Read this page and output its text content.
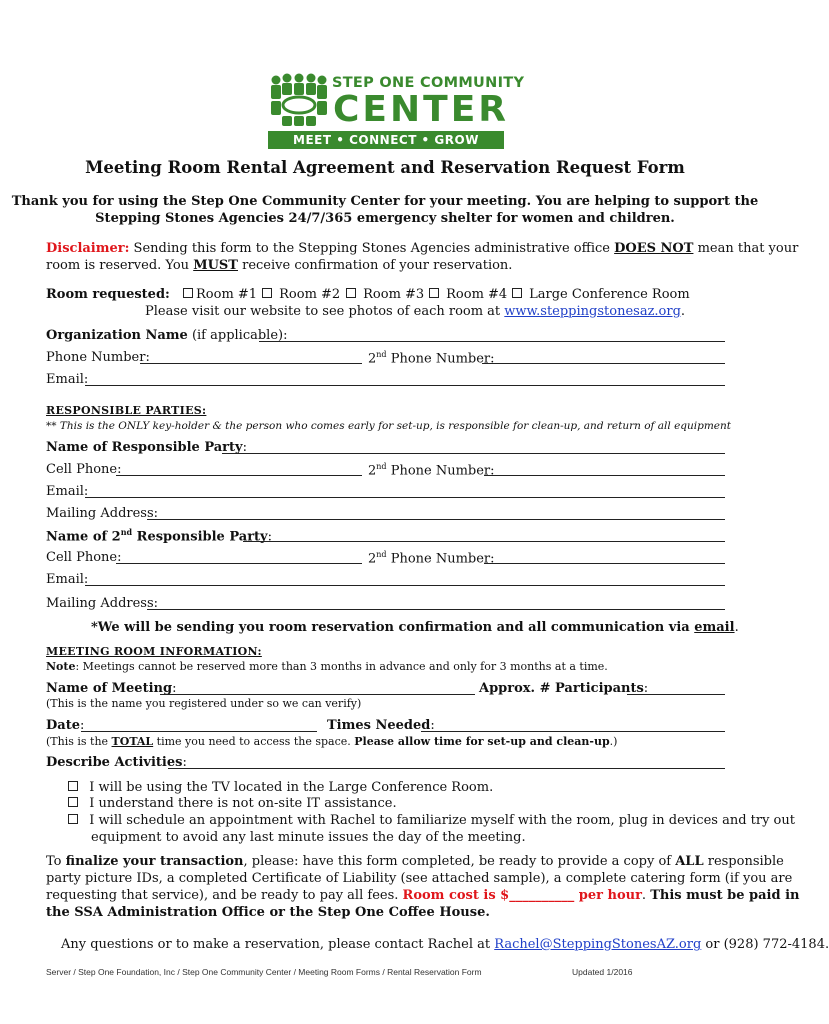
STEP ONE COMMUNITY
CENTER
MEET • CONNECT • GROW
Meeting Room Rental Agreement and Reservation Request Form
Thank you for using the Step One Community Center for your meeting. You are helping to support the
Stepping Stones Agencies 24/7/365 emergency shelter for women and children.
Disclaimer: Sending this form to the Stepping Stones Agencies administrative office DOES NOT mean that your
room is reserved. You MUST receive confirmation of your reservation.
Room requested:	Room #1	Room #2	Room #3	Room #4	Large Conference Room
Please visit our website to see photos of each room at www.steppingstonesaz.org.
Organization Name (if applicable):
Phone Number:	2nd Phone Number:
Email:
RESPONSIBLE PARTIES:
** This is the ONLY key-holder & the person who comes early for set-up, is responsible for clean-up, and return of all equipment
Name of Responsible Party:
Cell Phone:	2nd Phone Number:
Email:
Mailing Address:
Name of 2nd Responsible Party:
Cell Phone:	2nd Phone Number:
Email:
Mailing Address:
*We will be sending you room reservation confirmation and all communication via email.
MEETING ROOM INFORMATION:
Note: Meetings cannot be reserved more than 3 months in advance and only for 3 months at a time.
Name of Meeting:	Approx. # Participants:
(This is the name you registered under so we can verify)
Date:	Times Needed:
(This is the TOTAL time you need to access the space. Please allow time for set-up and clean-up.)
Describe Activities:
I will be using the TV located in the Large Conference Room.
I understand there is not on-site IT assistance.
I will schedule an appointment with Rachel to familiarize myself with the room, plug in devices and try out
equipment to avoid any last minute issues the day of the meeting.
To finalize your transaction, please: have this form completed, be ready to provide a copy of ALL responsible
party picture IDs, a completed Certificate of Liability (see attached sample), a complete catering form (if you are
requesting that service), and be ready to pay all fees. Room cost is $__________ per hour. This must be paid in
the SSA Administration Office or the Step One Coffee House.
Any questions or to make a reservation, please contact Rachel at Rachel@SteppingStonesAZ.org or (928) 772-4184.
Server / Step One Foundation, Inc / Step One Community Center / Meeting Room Forms / Rental Reservation Form	Updated 1/2016
